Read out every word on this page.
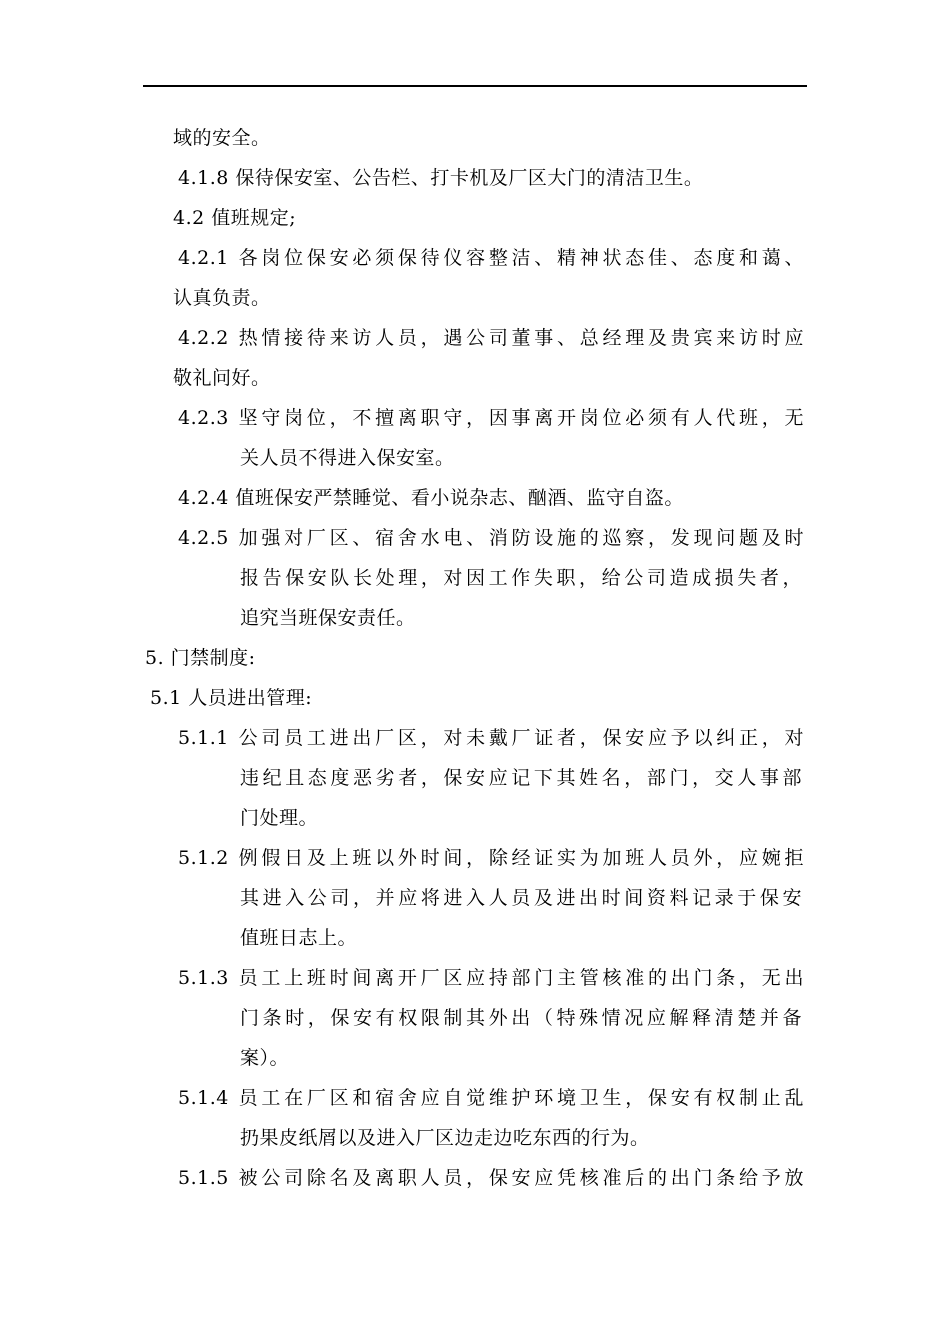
域的安全。
4.1.8 保待保安室、公告栏、打卡机及厂区大门的清洁卫生。
4.2 值班规定;
4.2.1 各岗位保安必须保待仪容整洁、精神状态佳、态度和蔼、
认真负责。
4.2.2 热情接待来访人员，遇公司董事、总经理及贵宾来访时应
敬礼问好。
4.2.3 坚守岗位，不擅离职守，因事离开岗位必须有人代班，无
关人员不得进入保安室。
4.2.4 值班保安严禁睡觉、看小说杂志、酗酒、监守自盗。
4.2.5 加强对厂区、宿舍水电、消防设施的巡察，发现问题及时
报告保安队长处理，对因工作失职，给公司造成损失者，
追究当班保安责任。
5. 门禁制度:
5.1 人员进出管理:
5.1.1 公司员工进出厂区，对未戴厂证者，保安应予以纠正，对
违纪且态度恶劣者，保安应记下其姓名，部门，交人事部
门处理。
5.1.2 例假日及上班以外时间，除经证实为加班人员外，应婉拒
其进入公司，并应将进入人员及进出时间资料记录于保安
值班日志上。
5.1.3 员工上班时间离开厂区应持部门主管核准的出门条，无出
门条时，保安有权限制其外出（特殊情况应解释清楚并备
案）。
5.1.4 员工在厂区和宿舍应自觉维护环境卫生，保安有权制止乱
扔果皮纸屑以及进入厂区边走边吃东西的行为。
5.1.5 被公司除名及离职人员，保安应凭核准后的出门条给予放
